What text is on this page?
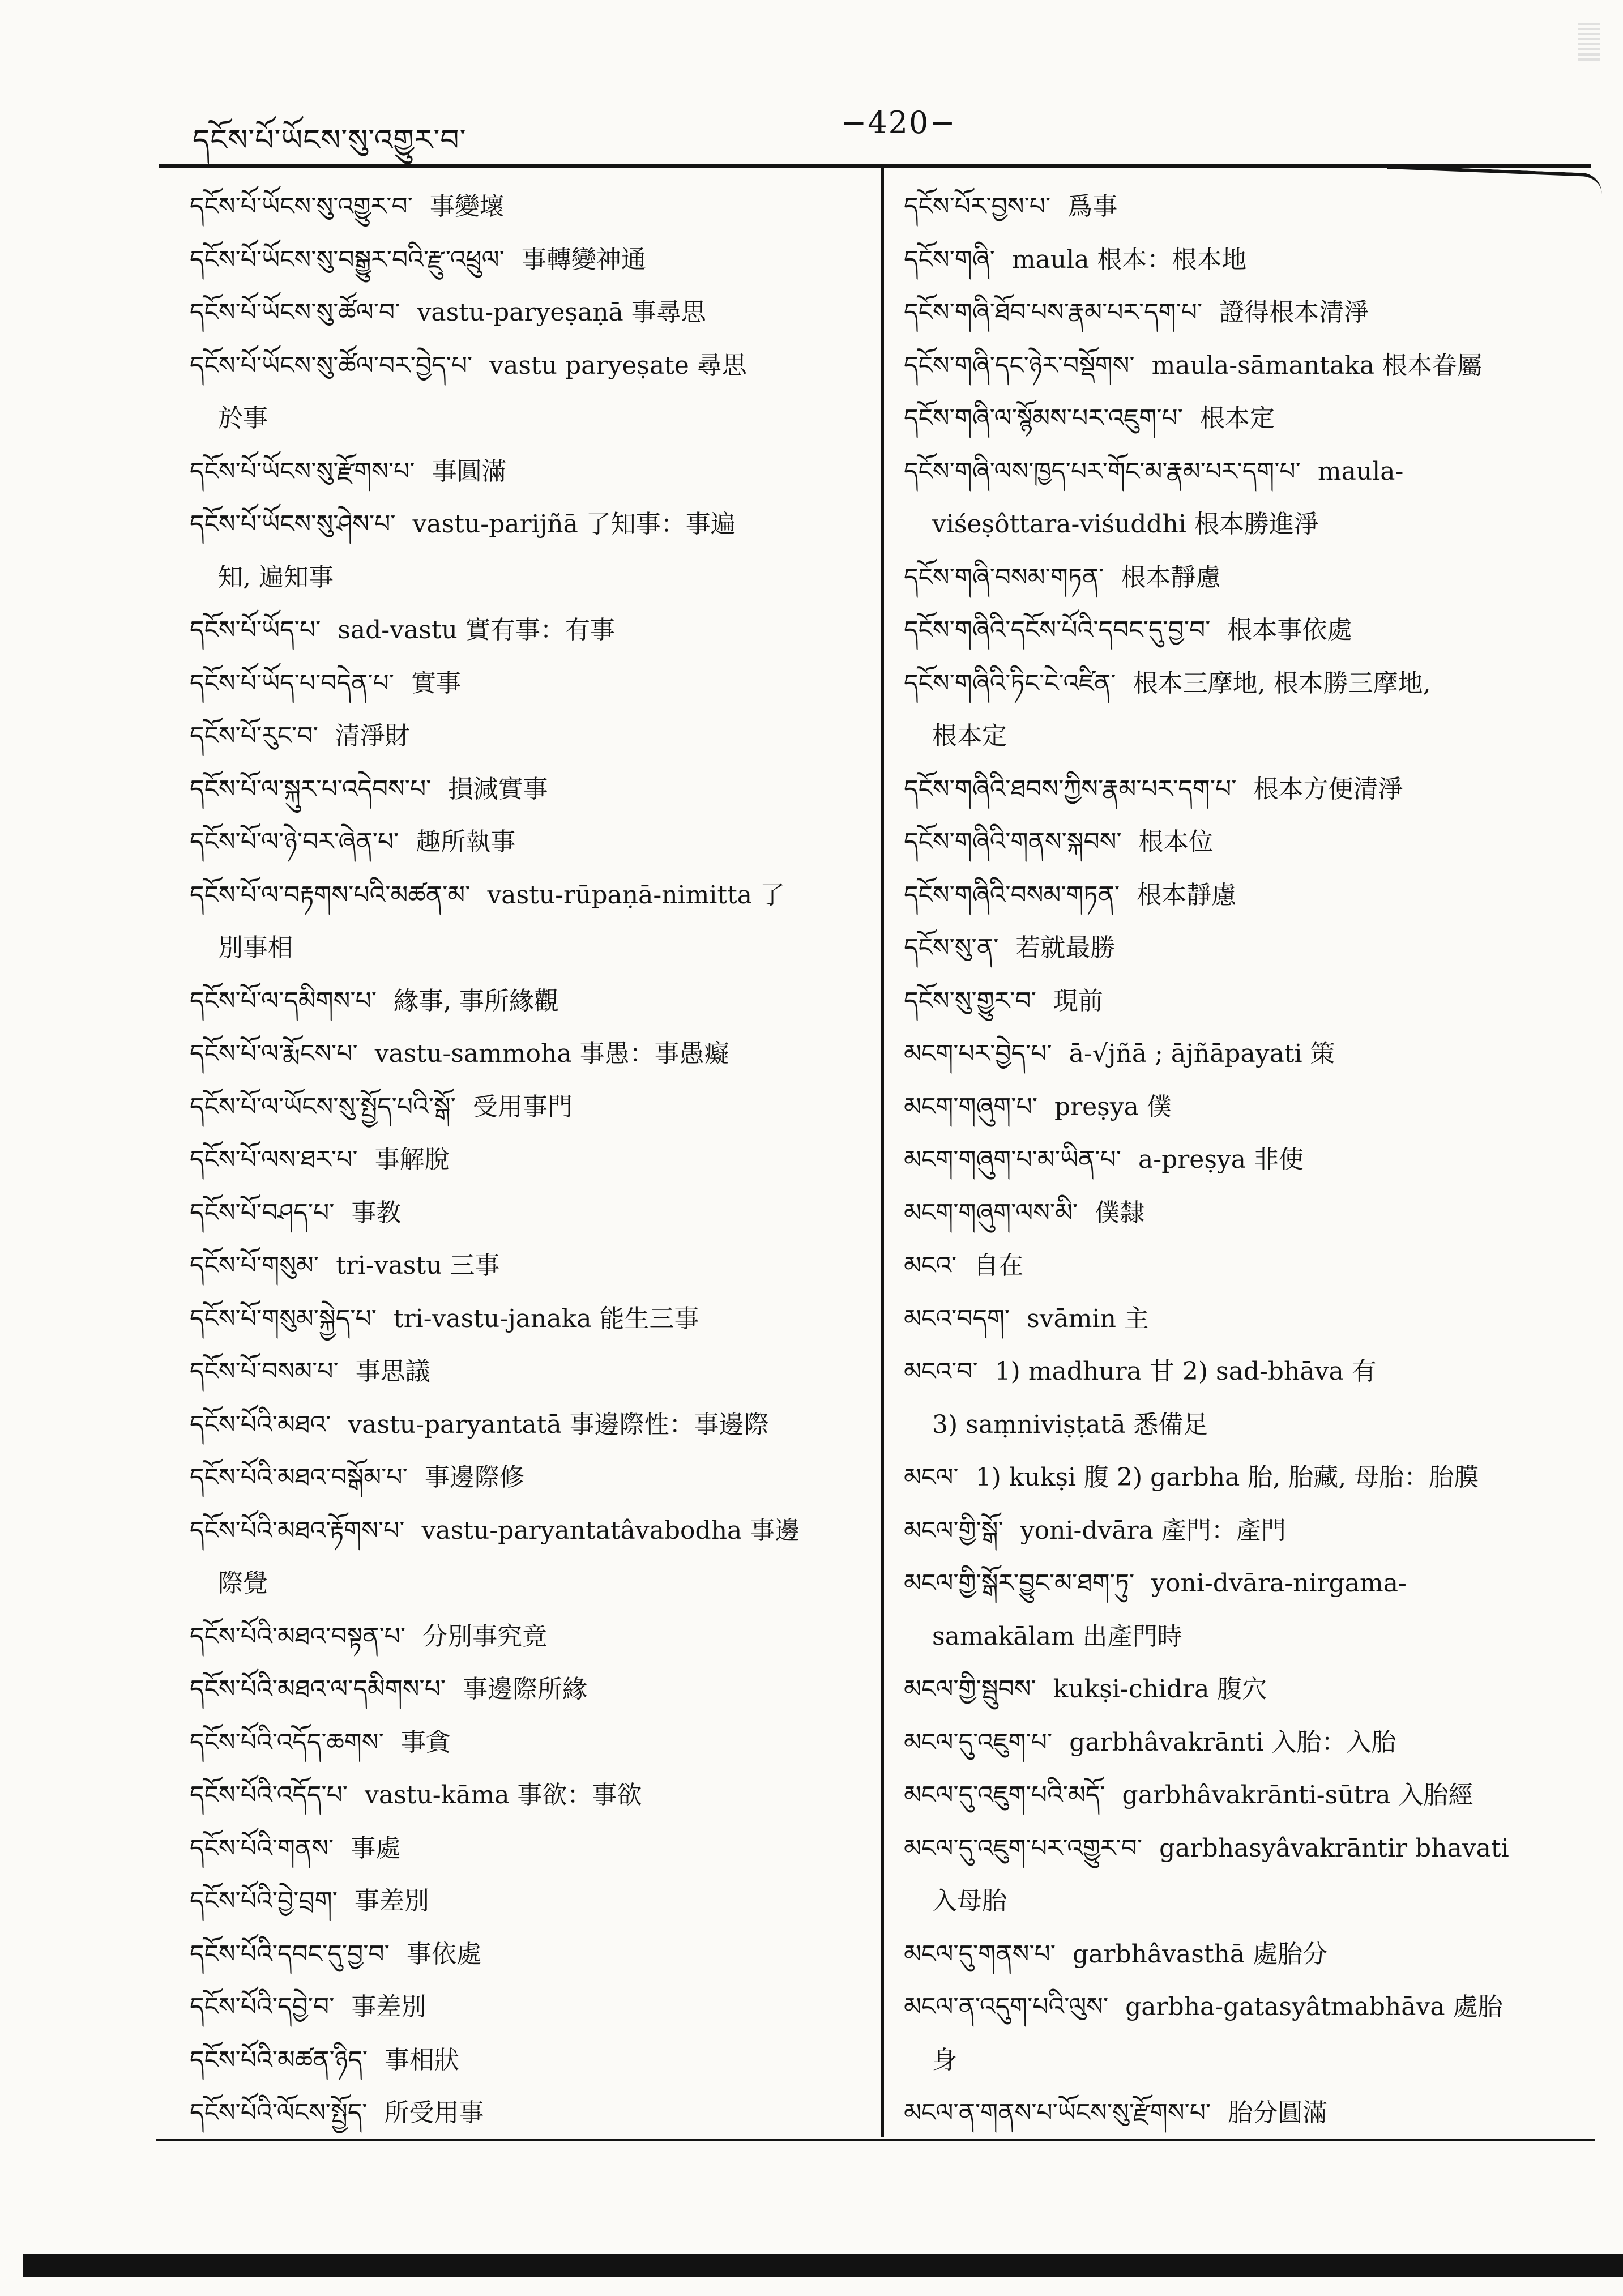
དངོས་པོ་ཡོངས་སུ་འགྱུར་བ་	−420−
དངོས་པོ་ཡོངས་སུ་འགྱུར་བ་ 事變壞
དངོས་པོ་ཡོངས་སུ་བསྒྱུར་བའི་རྫུ་འཕྲུལ་ 事轉變神通
དངོས་པོ་ཡོངས་སུ་ཚོལ་བ་ vastu-paryeṣaṇā 事尋思
དངོས་པོ་ཡོངས་སུ་ཚོལ་བར་བྱེད་པ་ vastu paryeṣate 尋思
於事
དངོས་པོ་ཡོངས་སུ་རྫོགས་པ་ 事圓滿
དངོས་པོ་ཡོངས་སུ་ཤེས་པ་ vastu-parijñā 了知事：事遍
知, 遍知事
དངོས་པོ་ཡོད་པ་ sad-vastu 實有事：有事
དངོས་པོ་ཡོད་པ་བདེན་པ་ 實事
དངོས་པོ་རུང་བ་ 清淨財
དངོས་པོ་ལ་སྐུར་པ་འདེབས་པ་ 損減實事
དངོས་པོ་ལ་ཉེ་བར་ཞེན་པ་ 趣所執事
དངོས་པོ་ལ་བརྟགས་པའི་མཚན་མ་ vastu-rūpaṇā-nimitta 了
別事相
དངོས་པོ་ལ་དམིགས་པ་ 緣事, 事所緣觀
དངོས་པོ་ལ་རྨོངས་པ་ vastu-sammoha 事愚：事愚癡
དངོས་པོ་ལ་ཡོངས་སུ་སྤྱོད་པའི་སྒོ་ 受用事門
དངོས་པོ་ལས་ཐར་པ་ 事解脫
དངོས་པོ་བཤད་པ་ 事教
དངོས་པོ་གསུམ་ tri-vastu 三事
དངོས་པོ་གསུམ་སྐྱེད་པ་ tri-vastu-janaka 能生三事
དངོས་པོ་བསམ་པ་ 事思議
དངོས་པོའི་མཐའ་ vastu-paryantatā 事邊際性：事邊際
དངོས་པོའི་མཐའ་བསྒོམ་པ་ 事邊際修
དངོས་པོའི་མཐའ་རྟོགས་པ་ vastu-paryantatâvabodha 事邊
際覺
དངོས་པོའི་མཐའ་བསྟན་པ་ 分別事究竟
དངོས་པོའི་མཐའ་ལ་དམིགས་པ་ 事邊際所緣
དངོས་པོའི་འདོད་ཆགས་ 事貪
དངོས་པོའི་འདོད་པ་ vastu-kāma 事欲：事欲
དངོས་པོའི་གནས་ 事處
དངོས་པོའི་བྱེ་བྲག་ 事差別
དངོས་པོའི་དབང་དུ་བྱ་བ་ 事依處
དངོས་པོའི་དབྱེ་བ་ 事差別
དངོས་པོའི་མཚན་ཉིད་ 事相狀
དངོས་པོའི་ལོངས་སྤྱོད་ 所受用事
དངོས་པོར་བྱས་པ་ 爲事
དངོས་གཞི་ maula 根本：根本地
དངོས་གཞི་ཐོབ་པས་རྣམ་པར་དག་པ་ 證得根本清淨
དངོས་གཞི་དང་ཉེར་བསྡོགས་ maula-sāmantaka 根本眷屬
དངོས་གཞི་ལ་སྙོམས་པར་འཇུག་པ་ 根本定
དངོས་གཞི་ལས་ཁྱད་པར་གོང་མ་རྣམ་པར་དག་པ་ maula-
viśeṣôttara-viśuddhi 根本勝進淨
དངོས་གཞི་བསམ་གཏན་ 根本靜慮
དངོས་གཞིའི་དངོས་པོའི་དབང་དུ་བྱ་བ་ 根本事依處
དངོས་གཞིའི་ཏིང་ངེ་འཛིན་ 根本三摩地, 根本勝三摩地,
根本定
དངོས་གཞིའི་ཐབས་ཀྱིས་རྣམ་པར་དག་པ་ 根本方便清淨
དངོས་གཞིའི་གནས་སྐབས་ 根本位
དངོས་གཞིའི་བསམ་གཏན་ 根本靜慮
དངོས་སུ་ན་ 若就最勝
དངོས་སུ་གྱུར་བ་ 現前
མངག་པར་བྱེད་པ་ ā-√jñā ; ājñāpayati 策
མངག་གཞུག་པ་ preṣya 僕
མངག་གཞུག་པ་མ་ཡིན་པ་ a-preṣya 非使
མངག་གཞུག་ལས་མི་ 僕隸
མངའ་ 自在
མངའ་བདག་ svāmin 主
མངའ་བ་ 1) madhura 甘 2) sad-bhāva 有
3) saṃniviṣṭatā 悉備足
མངལ་ 1) kukṣi 腹 2) garbha 胎, 胎藏, 母胎：胎膜
མངལ་གྱི་སྒོ་ yoni-dvāra 產門：產門
མངལ་གྱི་སྒོར་བྱུང་མ་ཐག་ཏུ་ yoni-dvāra-nirgama-
samakālam 出產門時
མངལ་གྱི་སྦུབས་ kukṣi-chidra 腹穴
མངལ་དུ་འཇུག་པ་ garbhâvakrānti 入胎：入胎
མངལ་དུ་འཇུག་པའི་མདོ་ garbhâvakrānti-sūtra 入胎經
མངལ་དུ་འཇུག་པར་འགྱུར་བ་ garbhasyâvakrāntir bhavati
入母胎
མངལ་དུ་གནས་པ་ garbhâvasthā 處胎分
མངལ་ན་འདུག་པའི་ལུས་ garbha-gatasyâtmabhāva 處胎
身
མངལ་ན་གནས་པ་ཡོངས་སུ་རྫོགས་པ་ 胎分圓滿
